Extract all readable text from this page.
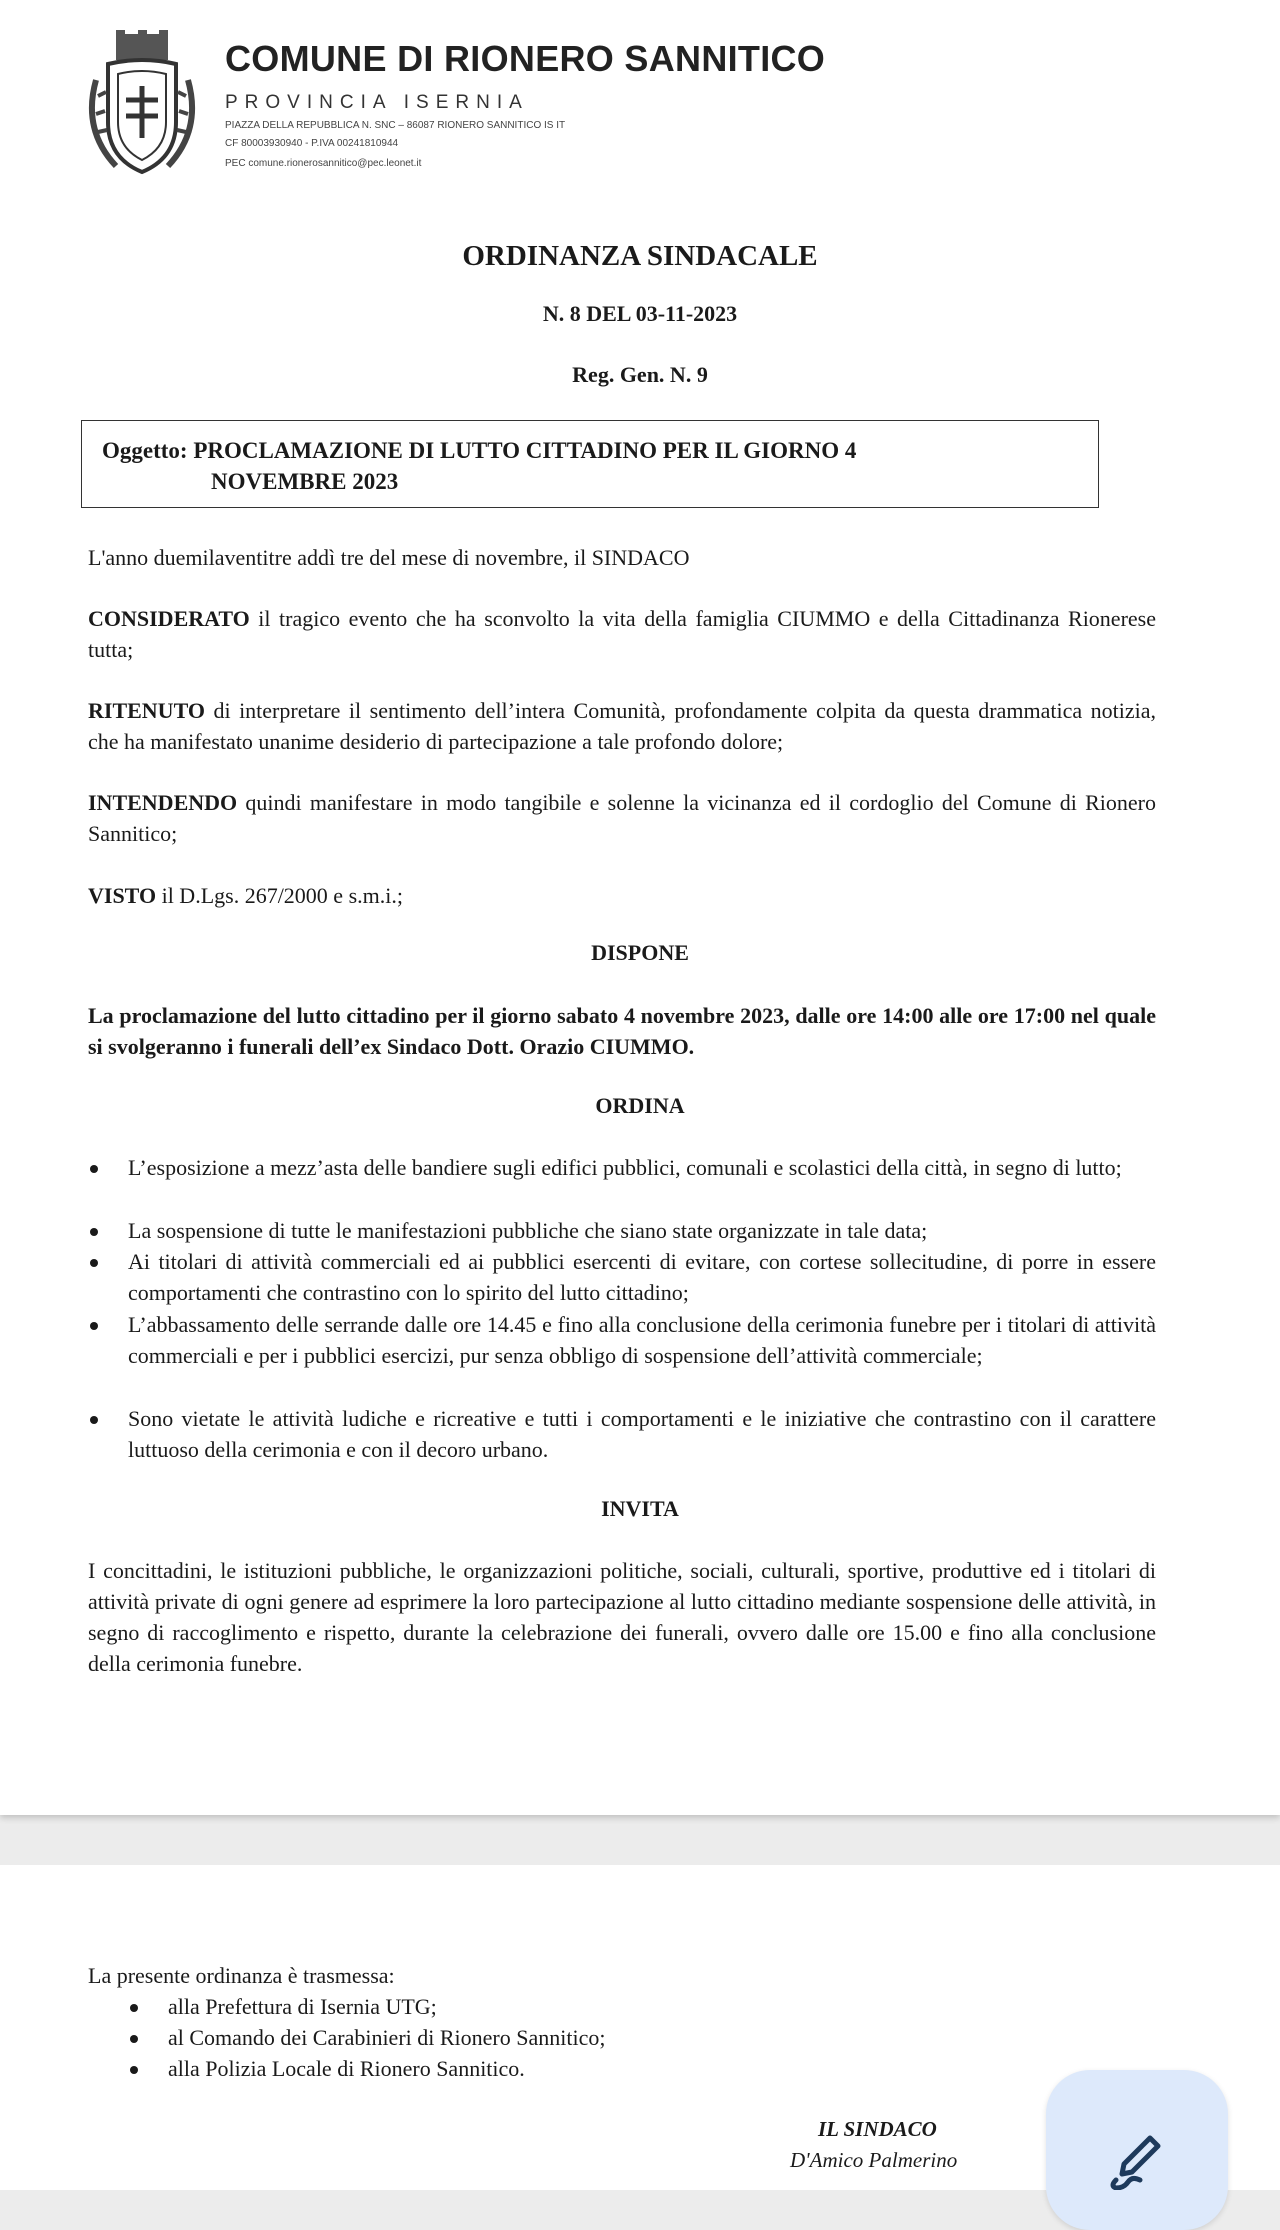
COMUNE DI RIONERO SANNITICO
PROVINCIA ISERNIA
PIAZZA DELLA REPUBBLICA N. SNC – 86087 RIONERO SANNITICO IS IT
CF 80003930940 - P.IVA 00241810944
PEC comune.rionerosannitico@pec.leonet.it
ORDINANZA SINDACALE
N. 8 DEL 03-11-2023
Reg. Gen. N. 9
Oggetto: PROCLAMAZIONE DI LUTTO CITTADINO PER IL GIORNO 4
NOVEMBRE 2023

L'anno duemilaventitre addì tre del mese di novembre, il SINDACO

CONSIDERATO il tragico evento che ha sconvolto la vita della famiglia CIUMMO e della Cittadinanza Rionerese tutta;

RITENUTO di interpretare il sentimento dell’intera Comunità, profondamente colpita da questa drammatica notizia, che ha manifestato unanime desiderio di partecipazione a tale profondo dolore;

INTENDENDO quindi manifestare in modo tangibile e solenne la vicinanza ed il cordoglio del Comune di Rionero Sannitico;

VISTO il D.Lgs. 267/2000 e s.m.i.;

DISPONE

La proclamazione del lutto cittadino per il giorno sabato 4 novembre 2023, dalle ore 14:00 alle ore 17:00 nel quale si svolgeranno i funerali dell’ex Sindaco Dott. Orazio CIUMMO.

ORDINA

L’esposizione a mezz’asta delle bandiere sugli edifici pubblici, comunali e scolastici della città, in segno di lutto;

La sospensione di tutte le manifestazioni pubbliche che siano state organizzate in tale data;

Ai titolari di attività commerciali ed ai pubblici esercenti di evitare, con cortese sollecitudine, di porre in essere comportamenti che contrastino con lo spirito del lutto cittadino;

L’abbassamento delle serrande dalle ore 14.45 e fino alla conclusione della cerimonia funebre per i titolari di attività commerciali e per i pubblici esercizi, pur senza obbligo di sospensione dell’attività commerciale;

Sono vietate le attività ludiche e ricreative e tutti i comportamenti e le iniziative che contrastino con il carattere luttuoso della cerimonia e con il decoro urbano.

INVITA

I concittadini, le istituzioni pubbliche, le organizzazioni politiche, sociali, culturali, sportive, produttive ed i titolari di attività private di ogni genere ad esprimere la loro partecipazione al lutto cittadino mediante sospensione delle attività, in segno di raccoglimento e rispetto, durante la celebrazione dei funerali, ovvero dalle ore 15.00 e fino alla conclusione della cerimonia funebre.

La presente ordinanza è trasmessa:

alla Prefettura di Isernia UTG;

al Comando dei Carabinieri di Rionero Sannitico;

alla Polizia Locale di Rionero Sannitico.

IL SINDACO
D'Amico Palmerino
